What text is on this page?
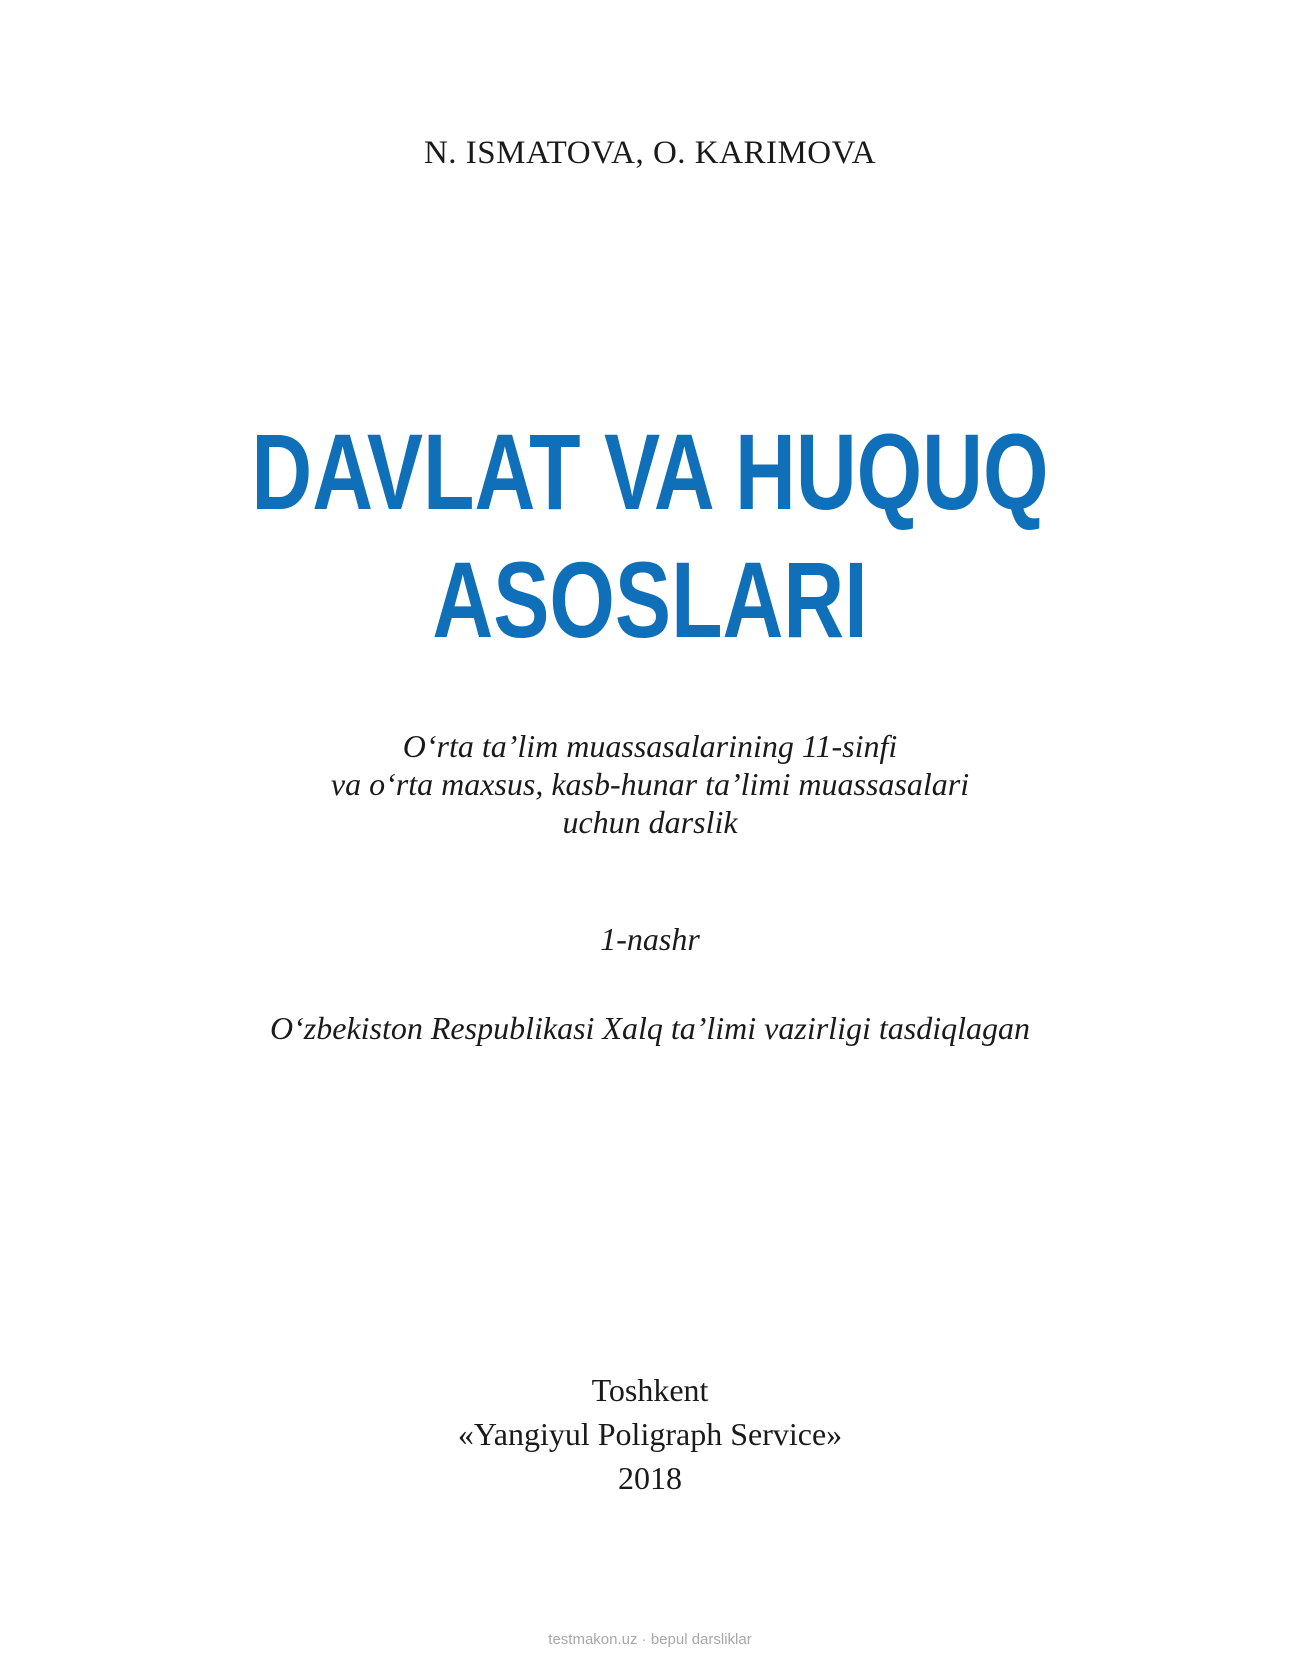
N. ISMATOVA, O. KARIMOVA
DAVLAT VA HUQUQ
ASOSLARI
O‘rta ta’lim muassasalarining 11-sinfi
va o‘rta maxsus, kasb-hunar ta’limi muassasalari
uchun darslik
1-nashr
O‘zbekiston Respublikasi Xalq ta’limi vazirligi tasdiqlagan
Toshkent
«Yangiyul Poligraph Service»
2018
testmakon.uz · bepul darsliklar
